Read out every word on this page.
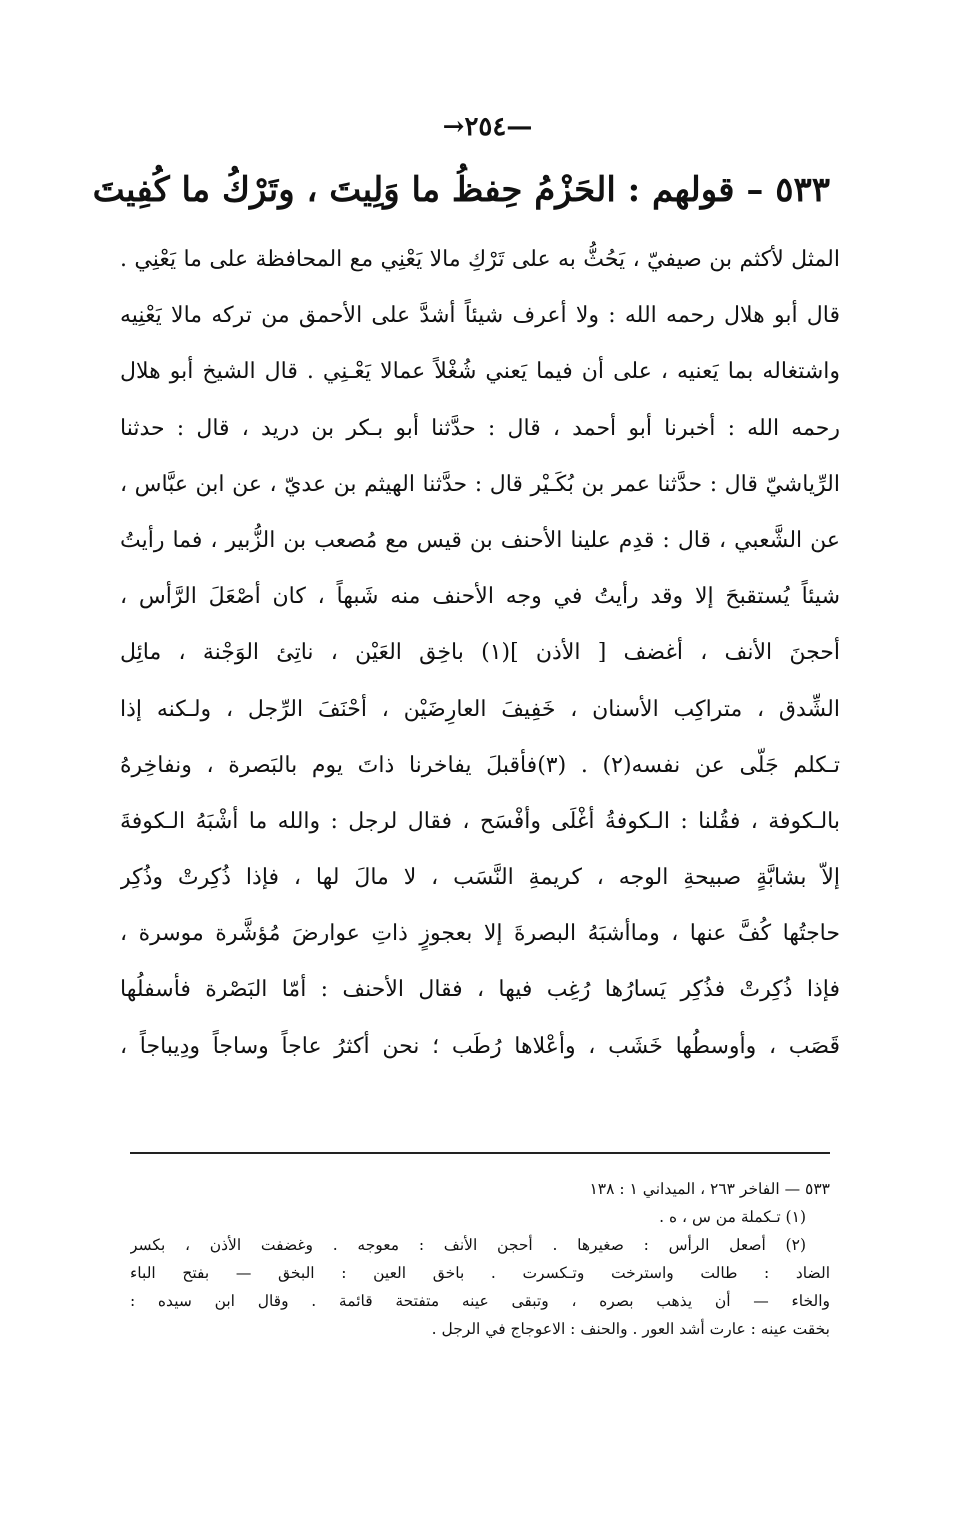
—٢٥٤→
٥٣٣ – قولهم : الحَزْمُ حِفظُ ما وَلِيتَ ، وتَرْكُ ما كُفِيتَ
المثل لأكثم بن صيفيّ ، يَحُثُّ به على تَرْكِ مالا يَعْنِي مع المحافظة على ما يَعْنِي .
قال أبو هلال رحمه الله : ولا أعرف شيئاً أشدَّ على الأحمق من تركه مالا يَعْنِيه
واشتغاله بما يَعنيه ، على أن فيما يَعني شُغْلاً عمالا يَعْـنِي . قال الشيخ أبو هلال
رحمه الله : أخبرنا أبو أحمد ، قال : حدَّثنا أبو بـكر بن دريد ، قال : حدثنا
الرِّياشيّ قال : حدَّثنا عمر بن بُكَـيْر قال : حدَّثنا الهيثم بن عديّ ، عن ابن عبَّاس ،
عن الشَّعبي ، قال : قدِم علينا الأحنف بن قيس مع مُصعب بن الزُّبير ، فما رأيتُ
شيئاً يُستقبحَ إلا وقد رأيتُ في وجه الأحنف منه شَبهاً ، كان أصْعَلَ الرَّأس ،
أحجنَ الأنف ، أغضف [ الأذن ](١) باخِق العَيْن ، ناتِئ الوَجْنة ، مائِل
الشِّدق ، متراكِب الأسنان ، خَفِيفَ العارِضَيْن ، أحْنَفَ الرِّجل ، ولـكنه إذا
تـكلم جَلّى عن نفسه(٢) . (٣)فأقبلَ يفاخرنا ذاتَ يوم بالبَصرة ، ونفاخِرهُ
بالـكوفة ، فقُلنا : الـكوفةُ أغْلَى وأفْسَح ، فقال لرجل : والله ما أشْبَهُ الـكوفةَ
إلاّ بشابَّةٍ صبيحةِ الوجه ، كريمةِ النَّسَب ، لا مالَ لها ، فإذا ذُكِرتْ وذُكِر
حاجتُها كُفَّ عنها ، وماأشبَهُ البصرةَ إلا بعجوزٍ ذاتِ عوارضَ مُؤشَّرة موسرة ،
فإذا ذُكِرتْ فذُكِر يَسارُها رُغِب فيها ، فقال الأحنف : أمّا البَصْرة فأسفلُها
قَصَب ، وأوسطُها خَشَب ، وأعْلاها رُطَب ؛ نحن أكثرُ عاجاً وساجاً ودِيباجاً ،
٥٣٣ — الفاخر ٢٦٣ ، الميداني ١ : ١٣٨
(١) تـكملة من س ، ه .
(٢) أصعل الرأس : صغيرها . أحجن الأنف : معوجه . وغضفت الأذن ، بكسر
الضاد : طالت واسترخت وتـكسرت . باخق العين : البخق — بفتح الباء
والخاء — أن يذهب بصره ، وتبقى عينه متفتحة قائمة . وقال ابن سيده :
بخقت عينه : عارت أشد العور . والحنف : الاعوجاج في الرجل .
